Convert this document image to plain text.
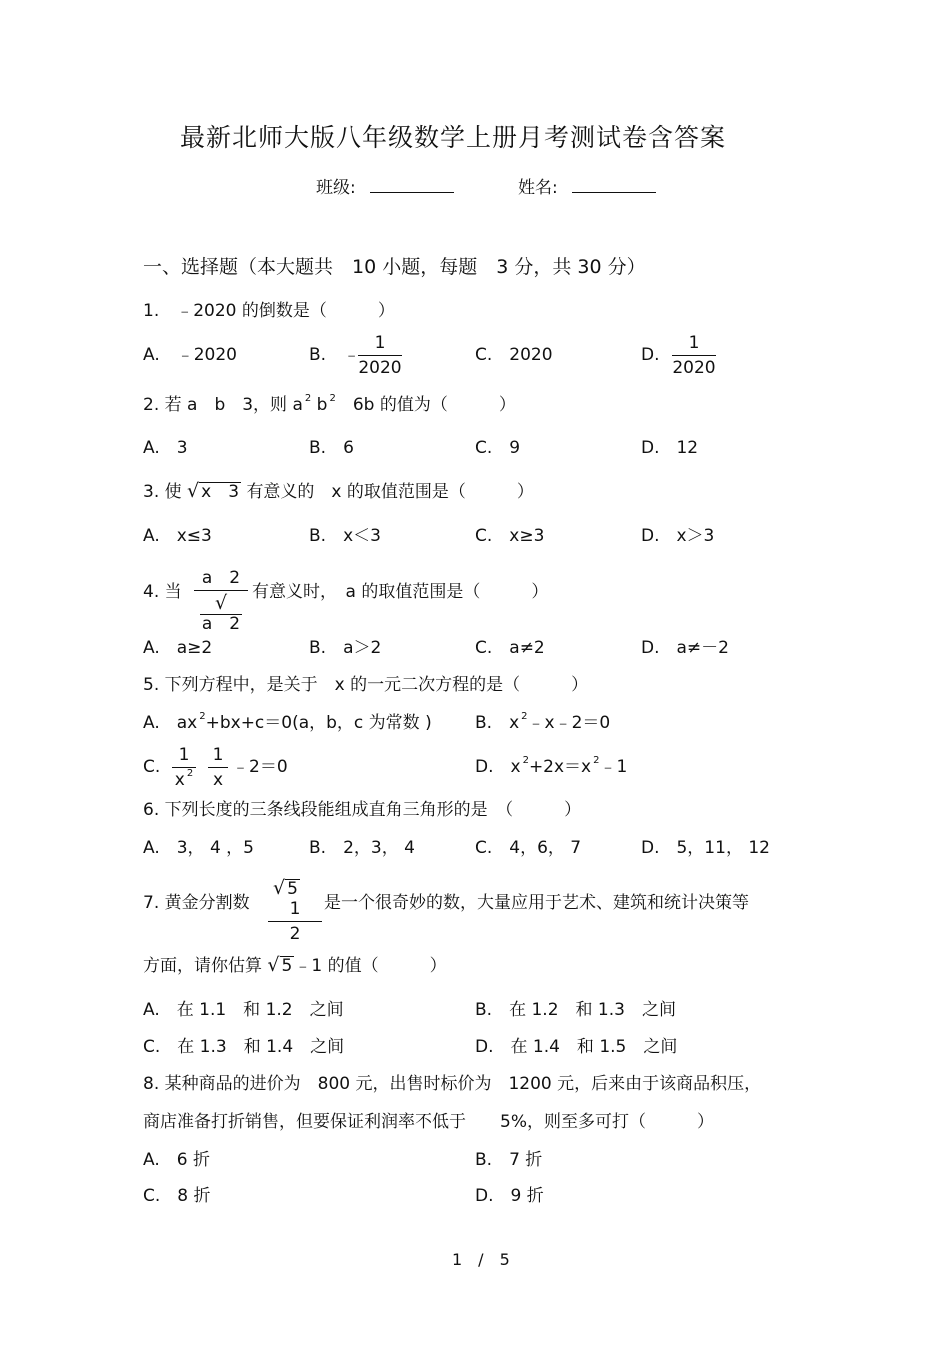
最新北师大版八年级数学上册月考测试卷含答案
班级:	姓名:
一、选择题（本大题共　10 小题，每题　3 分，共 30 分）
1.　﹣2020 的倒数是（　　　）
A.　﹣2020	B.　﹣
1
2020
C.　2020	D.
1
2020
2. 若 a　b　3，则 a $^2$ b $^2$　6b 的值为（　　　）
A.　3	B.　6	C.　9	D.　12
3. 使 √ x　3 有意义的　x 的取值范围是（　　　）
A.　x≤3	B.　x＜3	C.　x≥3	D.　x＞3
4. 当
a　2
√a　2
有意义时，　a 的取值范围是（　　　）
A.　a≥2	B.　a＞2	C.　a≠2	D.　a≠－2
5. 下列方程中，是关于　x 的一元二次方程的是（　　　）
A.　ax $^2$+bx+c＝0(a，b，c 为常数 )	B.　x $^2$﹣x﹣2＝0
C.
1
x $^2$
1
x
﹣2＝0	D.　x $^2$+2x＝x $^2$﹣1
6. 下列长度的三条线段能组成直角三角形的是　（　　　）
A.　3， 4 ，5	B.　2，3， 4	C.　4，6， 7	D.　5，11， 12
7. 黄金分割数
√ 5　1
2
是一个很奇妙的数，大量应用于艺术、建筑和统计决策等
方面，请你估算 √ 5 ﹣1 的值（　　　）
A.　在 1.1　和 1.2　之间	B.　在 1.2　和 1.3　之间
C.　在 1.3　和 1.4　之间	D.　在 1.4　和 1.5　之间
8. 某种商品的进价为　800 元，出售时标价为　1200 元，后来由于该商品积压，
商店准备打折销售，但要保证利润率不低于　　5%，则至多可打（　　　）
A.　6 折	B.　7 折
C.　8 折	D.　9 折
1　/　5
